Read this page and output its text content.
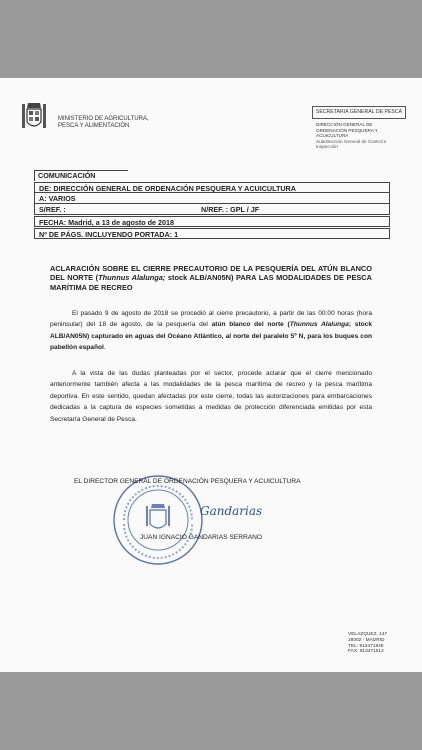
MINISTERIO DE AGRICULTURA,
PESCA Y ALIMENTACIÓN
SECRETARIA GENERAL DE PESCA
DIRECCIÓN GENERAL DE
ORDENACIÓN PESQUERA Y
ACUICULTURA
Subdirección General de Control e
Inspección
COMUNICACIÓN
DE: DIRECCIÓN GENERAL DE ORDENACIÓN PESQUERA Y ACUICULTURA
A: VARIOS
S/REF. :	N/REF. : GPL / JF
FECHA: Madrid, a 13 de agosto de 2018
Nº DE PÁGS. INCLUYENDO PORTADA: 1
ACLARACIÓN SOBRE EL CIERRE PRECAUTORIO DE LA PESQUERÍA DEL ATÚN BLANCO DEL NORTE (Thunnus Alalunga; stock ALB/AN05N) PARA LAS MODALIDADES DE PESCA MARÍTIMA DE RECREO
El pasado 9 de agosto de 2018 se procedió al cierre precautorio, a partir de las 00:00 horas (hora peninsular) del 18 de agosto, de la pesquería del atún blanco del norte (Thunnus Alalunga; stock ALB/AN05N) capturado en aguas del Océano Atlántico, al norte del paralelo 5º N, para los buques con pabellón español.
A la vista de las dudas planteadas por el sector, procede aclarar que el cierre mencionado anteriormente también afecta a las modalidades de la pesca marítima de recreo y la pesca marítima deportiva. En este sentido, quedan afectadas por este cierre, todas las autorizaciones para embarcaciones dedicadas a la captura de especies sometidas a medidas de protección diferenciada emitidas por esta Secretaría General de Pesca.
EL DIRECTOR GENERAL DE ORDENACIÓN PESQUERA Y ACUICULTURA
Gandarias
JUAN IGNACIO GANDARIAS SERRANO
VELAZQUEZ, 147
28002 - MADRID
TEL: 913471949
FAX: 913471512
